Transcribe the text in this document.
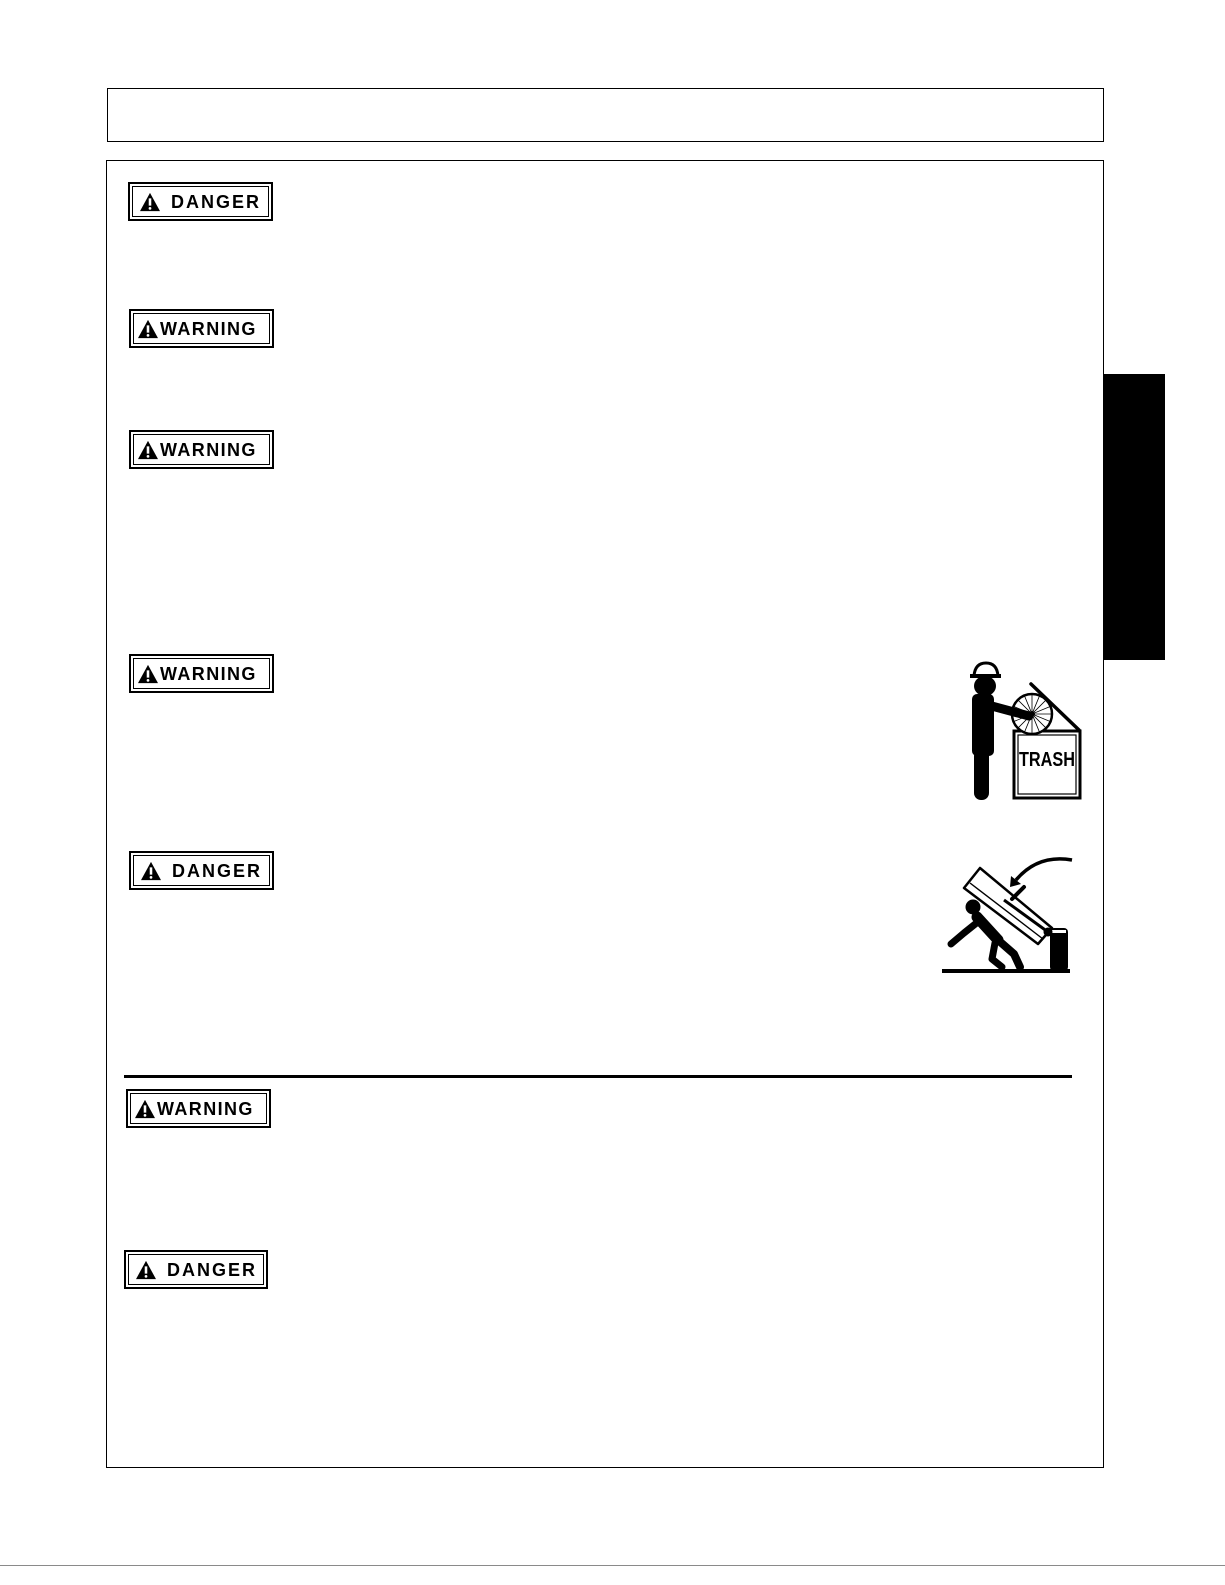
DANGER
WARNING
WARNING
WARNING
DANGER
WARNING
DANGER
TRASH
